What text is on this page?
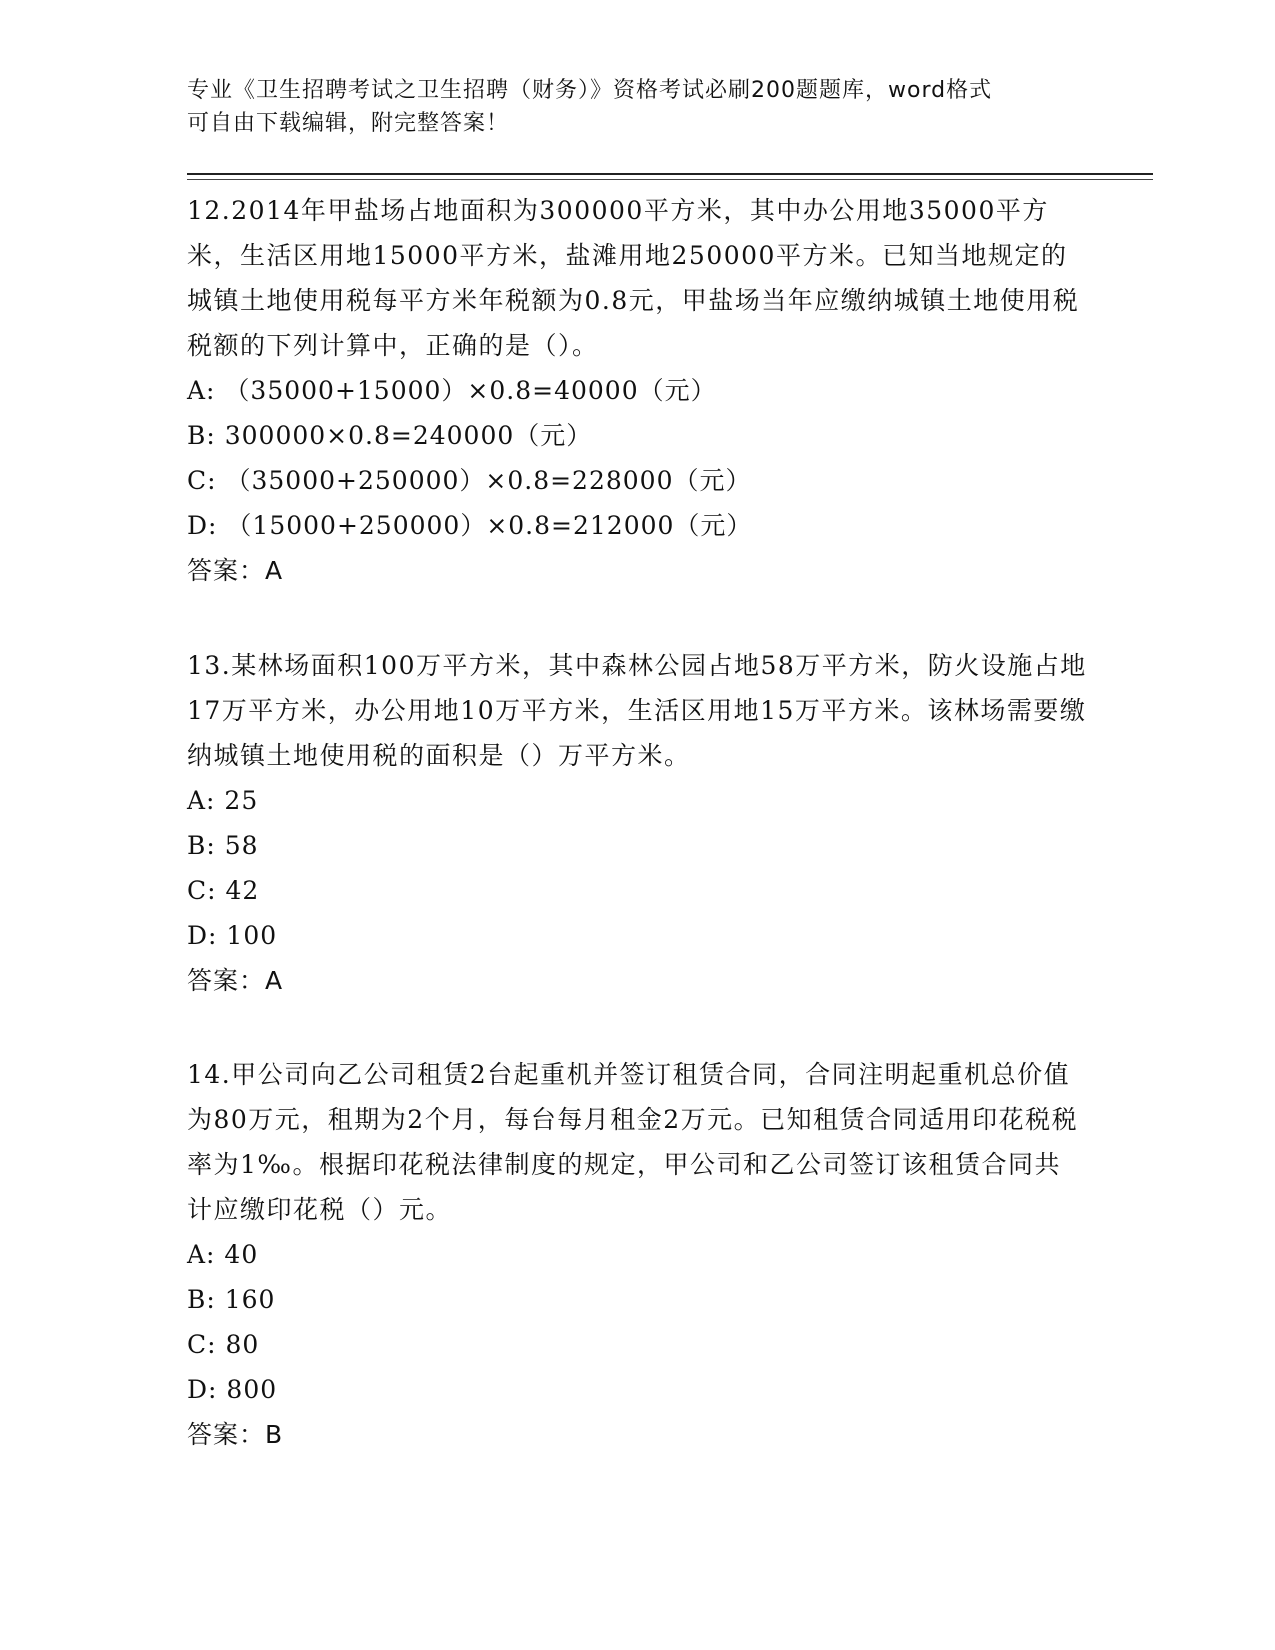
专业《卫生招聘考试之卫生招聘（财务）》资格考试必刷200题题库，word格式
可自由下载编辑，附完整答案！

12.2014年甲盐场占地面积为300000平方米，其中办公用地35000平方米，生活区用地15000平方米，盐滩用地250000平方米。已知当地规定的城镇土地使用税每平方米年税额为0.8元，甲盐场当年应缴纳城镇土地使用税税额的下列计算中，正确的是（）。

A: （35000+15000）×0.8=40000（元）

B: 300000×0.8=240000（元）

C: （35000+250000）×0.8=228000（元）

D: （15000+250000）×0.8=212000（元）

答案：A

13.某林场面积100万平方米，其中森林公园占地58万平方米，防火设施占地17万平方米，办公用地10万平方米，生活区用地15万平方米。该林场需要缴纳城镇土地使用税的面积是（）万平方米。

A: 25

B: 58

C: 42

D: 100

答案：A

14.甲公司向乙公司租赁2台起重机并签订租赁合同，合同注明起重机总价值为80万元，租期为2个月，每台每月租金2万元。已知租赁合同适用印花税税率为1‰。根据印花税法律制度的规定，甲公司和乙公司签订该租赁合同共计应缴印花税（）元。

A: 40

B: 160

C: 80

D: 800

答案：B
